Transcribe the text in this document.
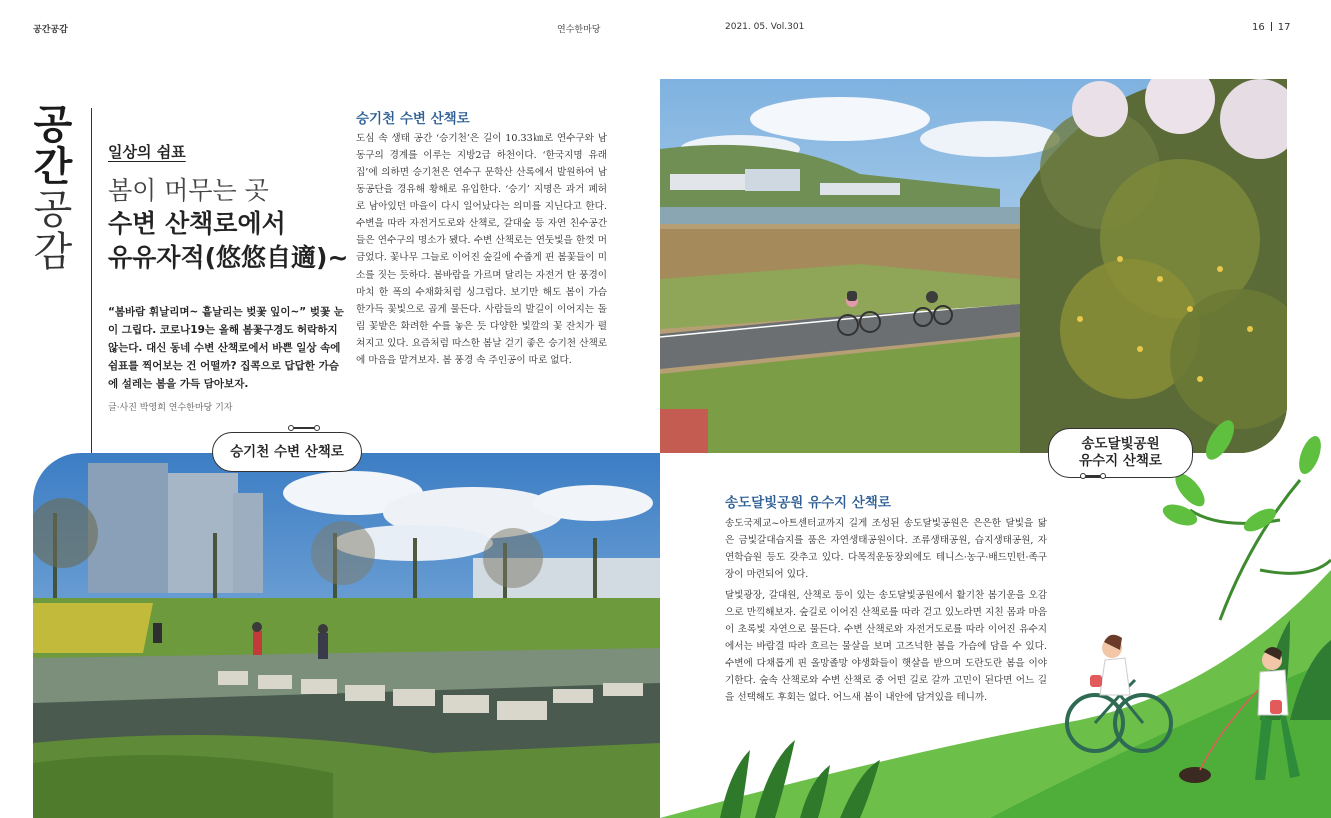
공간공감	연수한마당	2021. 05. Vol.301	16 17
공
간
공
감
일상의 쉼표
봄이 머무는 곳
수변 산책로에서
유유자적(悠悠自適)~
“봄바람 휘날리며~ 흩날리는 벚꽃 잎이~” 벚꽃 눈이 그립다. 코로나19는 올해 봄꽃구경도 허락하지 않는다. 대신 동네 수변 산책로에서 바쁜 일상 속에 쉼표를 찍어보는 건 어떨까? 집콕으로 답답한 가슴에 설레는 봄을 가득 담아보자.
글·사진 박영희 연수한마당 기자
승기천 수변 산책로
도심 속 생태 공간 ‘승기천’은 길이 10.33㎞로 연수구와 남동구의 경계를 이루는 지방2급 하천이다. ‘한국지명 유래집’에 의하면 승기천은 연수구 문학산 산록에서 발원하여 남동공단을 경유해 황해로 유입한다. ‘승기’ 지명은 과거 폐허로 남아있던 마을이 다시 일어났다는 의미를 지닌다고 한다. 수변을 따라 자전거도로와 산책로, 갈대숲 등 자연 친수공간들은 연수구의 명소가 됐다. 수변 산책로는 연둣빛을 한껏 머금었다. 꽃나무 그늘로 이어진 숲길에 수줍게 핀 봄꽃들이 미소를 짓는 듯하다. 봄바람을 가르며 달리는 자전거 탄 풍경이 마치 한 폭의 수채화처럼 싱그럽다. 보기만 해도 봄이 가슴 한가득 꽃빛으로 곱게 물든다. 사람들의 발길이 이어지는 돌림 꽃밭은 화려한 수를 놓은 듯 다양한 빛깔의 꽃 잔치가 펼쳐지고 있다. 요즘처럼 따스한 봄날 걷기 좋은 승기천 산책로에 마음을 맡겨보자. 봄 풍경 속 주인공이 따로 없다.
승기천 수변 산책로	송도달빛공원
유수지 산책로
송도달빛공원 유수지 산책로
송도국제교~아트센터교까지 길게 조성된 송도달빛공원은 은은한 달빛을 닮은 금빛갈대습지를 품은 자연생태공원이다. 조류생태공원, 습지생태공원, 자연학습원 등도 갖추고 있다. 다목적운동장외에도 테니스·농구·배드민턴·족구장이 마련되어 있다.
달빛광장, 갈대원, 산책로 등이 있는 송도달빛공원에서 활기찬 봄기운을 오감으로 만끽해보자. 숲길로 이어진 산책로를 따라 걷고 있노라면 지친 몸과 마음이 초록빛 자연으로 물든다. 수변 산책로와 자전거도로를 따라 이어진 유수지에서는 바람결 따라 흐르는 물살을 보며 고즈넉한 봄을 가슴에 담을 수 있다. 수변에 다채롭게 핀 올망졸망 야생화들이 햇살을 받으며 도란도란 봄을 이야기한다. 숲속 산책로와 수변 산책로 중 어떤 길로 갈까 고민이 된다면 어느 길을 선택해도 후회는 없다. 어느새 봄이 내안에 담겨있을 테니까.
